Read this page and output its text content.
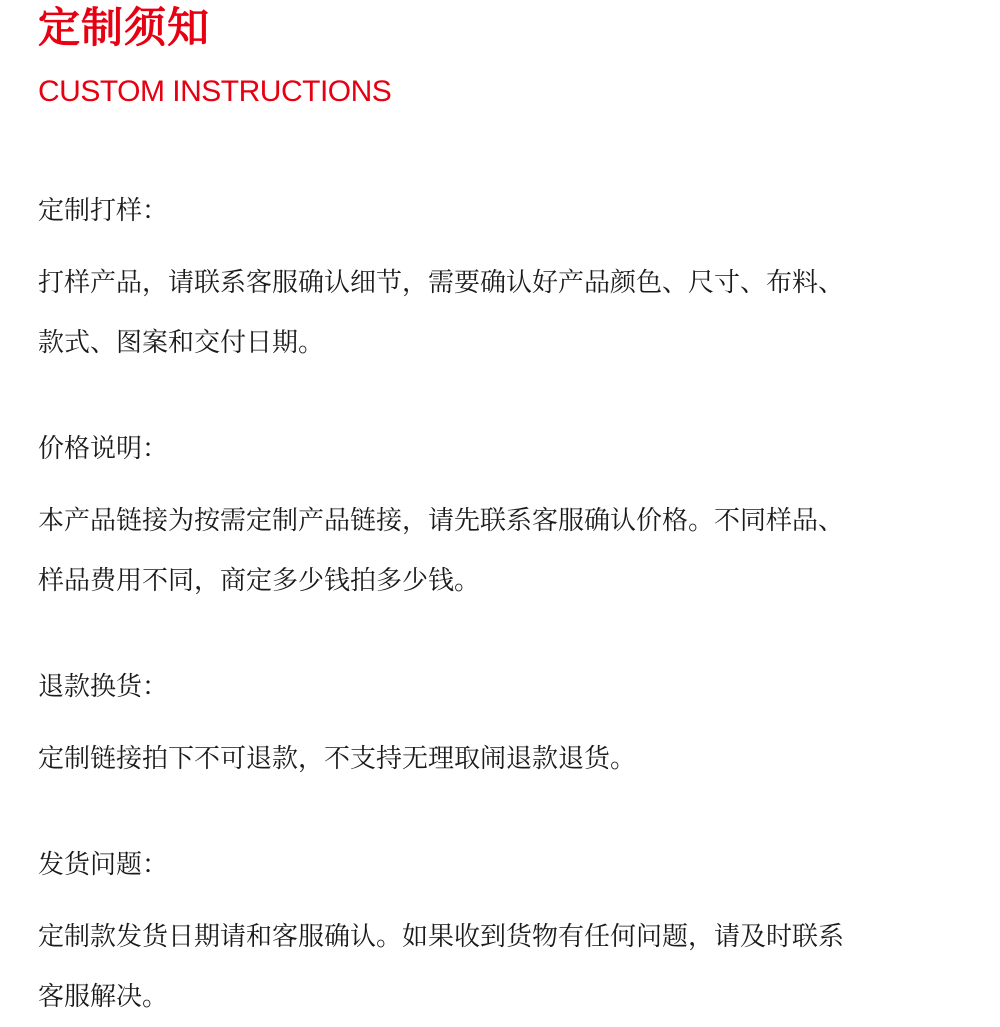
定制须知
CUSTOM INSTRUCTIONS
定制打样：

打样产品，请联系客服确认细节，需要确认好产品颜色、尺寸、布料、

款式、图案和交付日期。

价格说明：

本产品链接为按需定制产品链接，请先联系客服确认价格。不同样品、

样品费用不同，商定多少钱拍多少钱。

退款换货：

定制链接拍下不可退款，不支持无理取闹退款退货。

发货问题：

定制款发货日期请和客服确认。如果收到货物有任何问题，请及时联系

客服解决。
